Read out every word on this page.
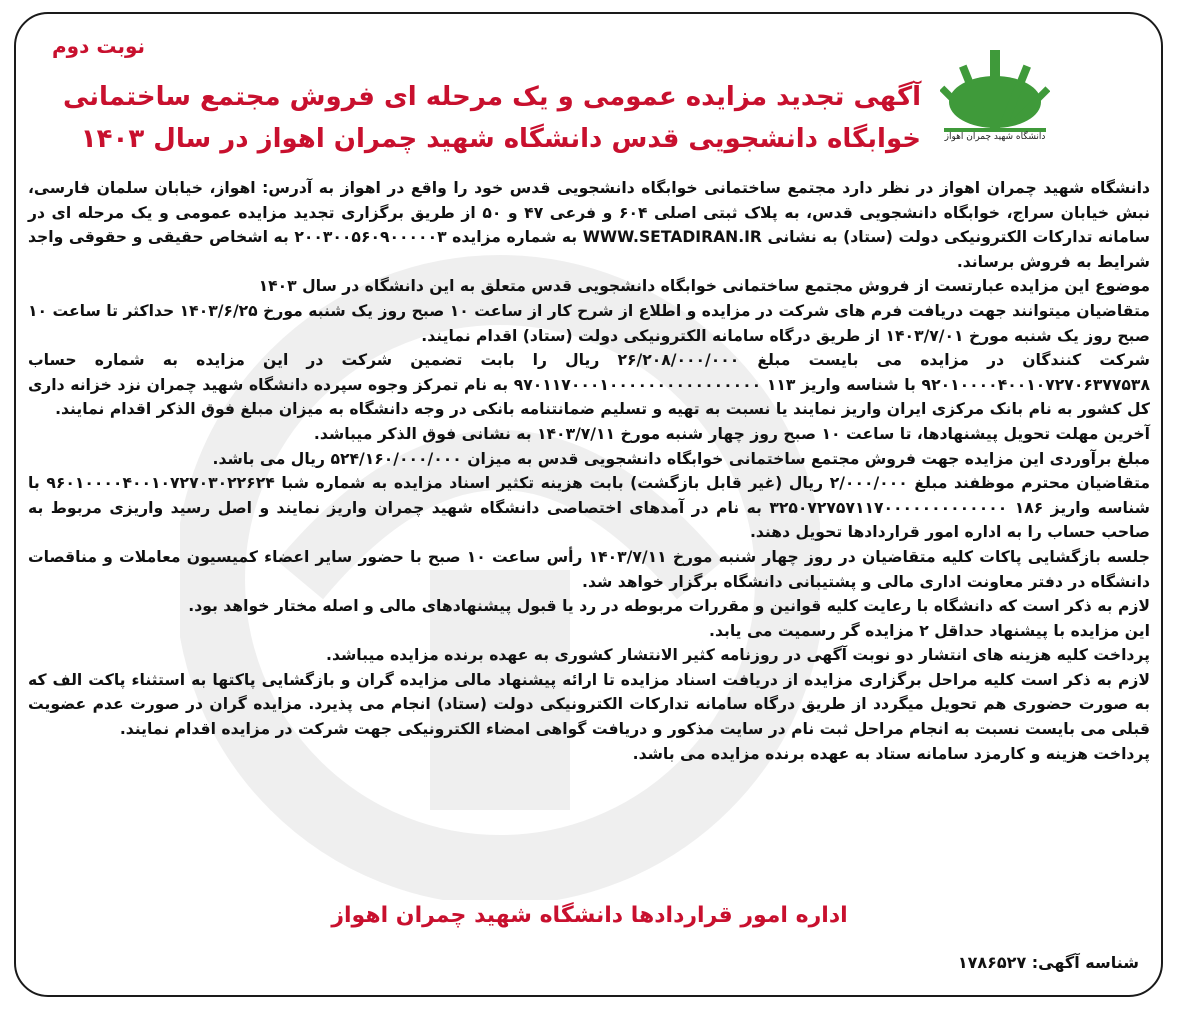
نوبت دوم
آگهی تجدید مزایده عمومی و یک مرحله ای فروش مجتمع ساختمانی
خوابگاه دانشجویی قدس دانشگاه شهید چمران اهواز در سال ۱۴۰۳	دانشگاه شهید چمران اهواز

دانشگاه شهید چمران اهواز در نظر دارد مجتمع ساختمانی خوابگاه دانشجویی قدس خود را واقع در اهواز به آدرس: اهواز، خیابان سلمان فارسی، نبش خیابان سراج، خوابگاه دانشجویی قدس، به پلاک ثبتی اصلی ۶۰۴ و فرعی ۴۷ و ۵۰ از طریق برگزاری تجدید مزایده عمومی و یک مرحله ای در سامانه تدارکات الکترونیکی دولت (ستاد) به نشانی WWW.SETADIRAN.IR به شماره مزایده ۲۰۰۳۰۰۵۶۰۹۰۰۰۰۰۳ به اشخاص حقیقی و حقوقی واجد شرایط به فروش برساند.

موضوع این مزایده عبارتست از فروش مجتمع ساختمانی خوابگاه دانشجویی قدس متعلق به این دانشگاه در سال ۱۴۰۳

متقاضیان میتوانند جهت دریافت فرم های شرکت در مزایده و اطلاع از شرح کار از ساعت ۱۰ صبح روز یک شنبه مورخ ۱۴۰۳/۶/۲۵ حداکثر تا ساعت ۱۰ صبح روز یک شنبه مورخ ۱۴۰۳/۷/۰۱ از طریق درگاه سامانه الکترونیکی دولت (ستاد) اقدام نمایند.

شرکت کنندگان در مزایده می بایست مبلغ ۲۶/۲۰۸/۰۰۰/۰۰۰ ریال را بابت تضمین شرکت در این مزایده به شماره حساب ۹۲۰۱۰۰۰۰۴۰۰۱۰۷۲۷۰۶۳۷۷۵۳۸ با شناسه واریز ۱۱۳ ۹۷۰۱۱۷۰۰۰۱۰۰۰۰۰۰۰۰۰۰۰۰۰۰۰۰ به نام تمرکز وجوه سپرده دانشگاه شهید چمران نزد خزانه داری کل کشور به نام بانک مرکزی ایران واریز نمایند یا نسبت به تهیه و تسلیم ضمانتنامه بانکی در وجه دانشگاه به میزان مبلغ فوق الذکر اقدام نمایند.

آخرین مهلت تحویل پیشنهادها، تا ساعت ۱۰ صبح روز چهار شنبه مورخ ۱۴۰۳/۷/۱۱ به نشانی فوق الذکر میباشد.

مبلغ برآوردی این مزایده جهت فروش مجتمع ساختمانی خوابگاه دانشجویی قدس به میزان ۵۲۴/۱۶۰/۰۰۰/۰۰۰ ریال می باشد.

متقاضیان محترم موظفند مبلغ ۲/۰۰۰/۰۰۰ ریال (غیر قابل بازگشت) بابت هزینه تکثیر اسناد مزایده به شماره شبا ۹۶۰۱۰۰۰۰۴۰۰۱۰۷۲۷۰۳۰۲۲۶۲۴ با شناسه واریز ۱۸۶ ۳۲۵۰۷۲۷۵۷۱۱۷۰۰۰۰۰۰۰۰۰۰۰۰۰ به نام در آمدهای اختصاصی دانشگاه شهید چمران واریز نمایند و اصل رسید واریزی مربوط به صاحب حساب را به اداره امور قراردادها تحویل دهند.

جلسه بازگشایی پاکات کلیه متقاضیان در روز چهار شنبه مورخ ۱۴۰۳/۷/۱۱ رأس ساعت ۱۰ صبح با حضور سایر اعضاء کمیسیون معاملات و مناقصات دانشگاه در دفتر معاونت اداری مالی و پشتیبانی دانشگاه برگزار خواهد شد.

لازم به ذکر است که دانشگاه با رعایت کلیه قوانین و مقررات مربوطه در رد یا قبول پیشنهادهای مالی و اصله مختار خواهد بود.

این مزایده با پیشنهاد حداقل ۲ مزایده گر رسمیت می یابد.

پرداخت کلیه هزینه های انتشار دو نوبت آگهی در روزنامه کثیر الانتشار کشوری به عهده برنده مزایده میباشد.

لازم به ذکر است کلیه مراحل برگزاری مزایده از دریافت اسناد مزایده تا ارائه پیشنهاد مالی مزایده گران و بازگشایی پاکتها به استثناء پاکت الف که به صورت حضوری هم تحویل میگردد از طریق درگاه سامانه تدارکات الکترونیکی دولت (ستاد) انجام می پذیرد. مزایده گران در صورت عدم عضویت قبلی می بایست نسبت به انجام مراحل ثبت نام در سایت مذکور و دریافت گواهی امضاء الکترونیکی جهت شرکت در مزایده اقدام نمایند.

پرداخت هزینه و کارمزد سامانه ستاد به عهده برنده مزایده می باشد.

اداره امور قراردادها دانشگاه شهید چمران اهواز
شناسه آگهی: ۱۷۸۶۵۲۷
